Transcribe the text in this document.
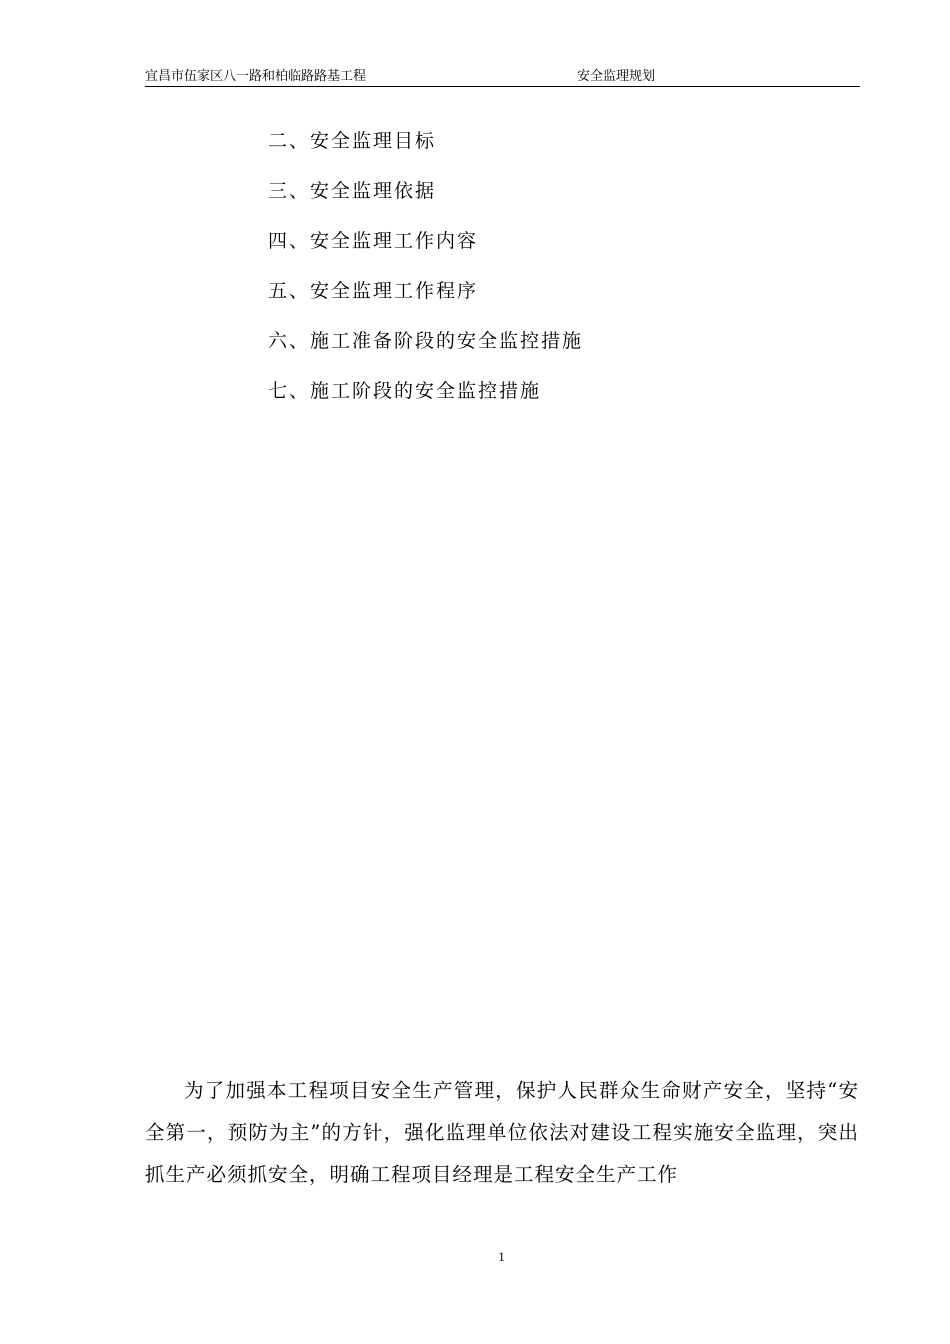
宜昌市伍家区八一路和柏临路路基工程	安全监理规划
二、安全监理目标
三、安全监理依据
四、安全监理工作内容
五、安全监理工作程序
六、施工准备阶段的安全监控措施
七、施工阶段的安全监控措施

为了加强本工程项目安全生产管理，保护人民群众生命财产安全，坚持“安全第一，预防为主”的方针，强化监理单位依法对建设工程实施安全监理，突出抓生产必须抓安全，明确工程项目经理是工程安全生产工作

1
